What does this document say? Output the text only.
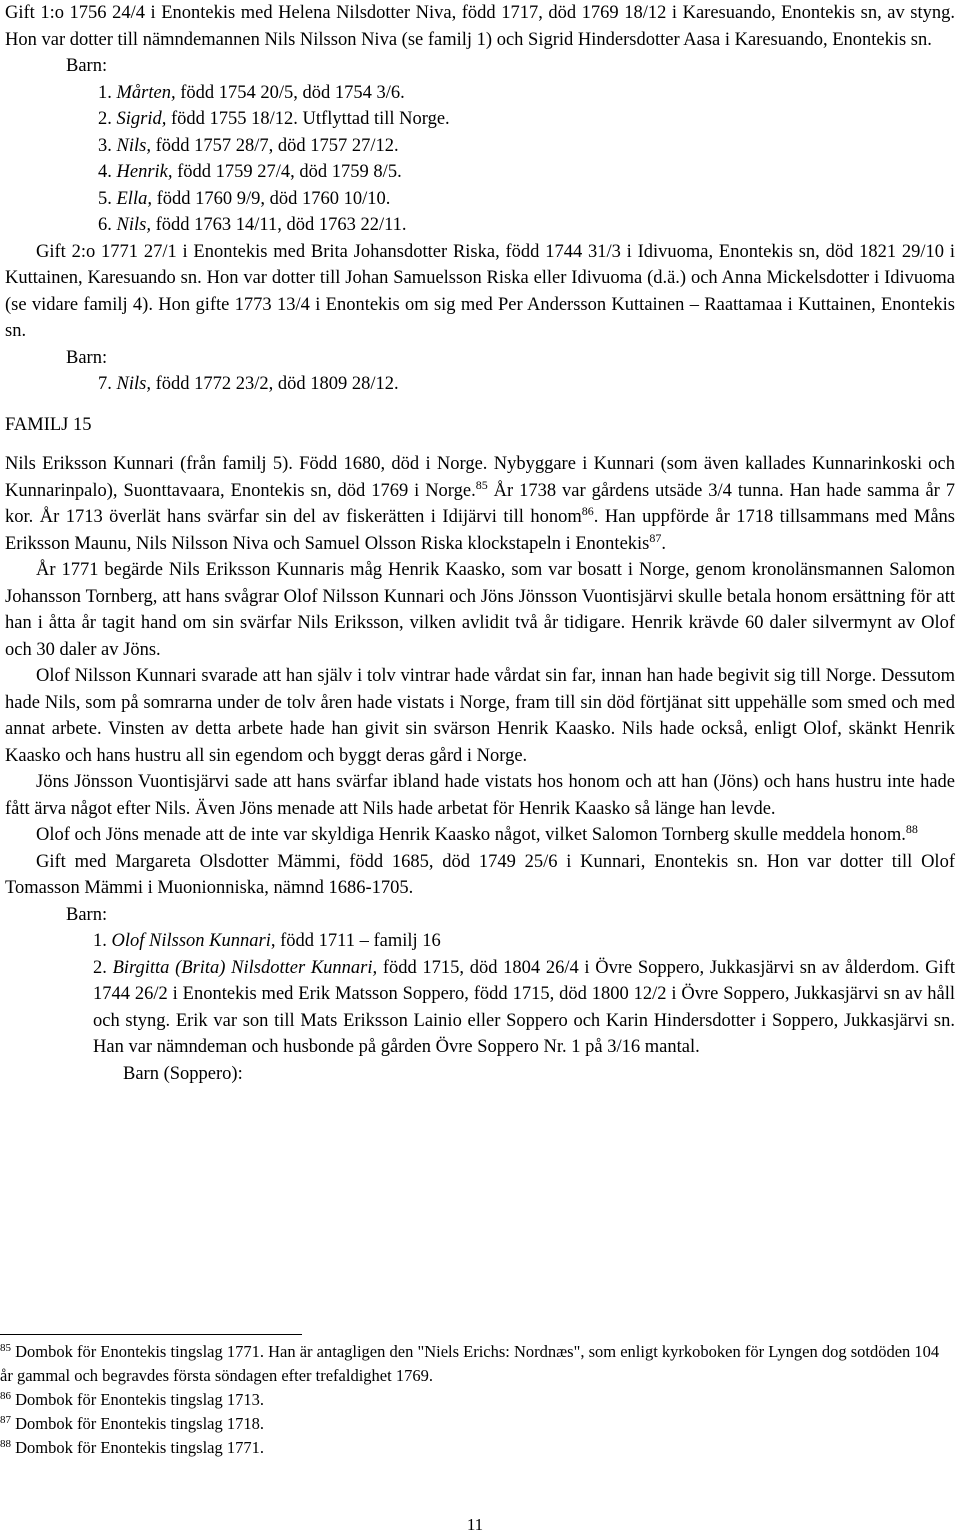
Gift 1:o 1756 24/4 i Enontekis med Helena Nilsdotter Niva, född 1717, död 1769 18/12 i Karesuando, Enontekis sn, av styng. Hon var dotter till nämndemannen Nils Nilsson Niva (se familj 1) och Sigrid Hindersdotter Aasa i Karesuando, Enontekis sn.

Barn:
1. Mårten, född 1754 20/5, död 1754 3/6.
2. Sigrid, född 1755 18/12. Utflyttad till Norge.
3. Nils, född 1757 28/7, död 1757 27/12.
4. Henrik, född 1759 27/4, död 1759 8/5.
5. Ella, född 1760 9/9, död 1760 10/10.
6. Nils, född 1763 14/11, död 1763 22/11.

Gift 2:o 1771 27/1 i Enontekis med Brita Johansdotter Riska, född 1744 31/3 i Idivuoma, Enontekis sn, död 1821 29/10 i Kuttainen, Karesuando sn. Hon var dotter till Johan Samuelsson Riska eller Idivuoma (d.ä.) och Anna Mickelsdotter i Idivuoma (se vidare familj 4). Hon gifte 1773 13/4 i Enontekis om sig med Per Andersson Kuttainen – Raattamaa i Kuttainen, Enontekis sn.

Barn:
7. Nils, född 1772 23/2, död 1809 28/12.
FAMILJ 15

Nils Eriksson Kunnari (från familj 5). Född 1680, död i Norge. Nybyggare i Kunnari (som även kallades Kunnarinkoski och Kunnarinpalo), Suonttavaara, Enontekis sn, död 1769 i Norge.$^{85}$ År 1738 var gårdens utsäde 3/4 tunna. Han hade samma år 7 kor. År 1713 överlät hans svärfar sin del av fiskerätten i Idijärvi till honom$^{86}$. Han uppförde år 1718 tillsammans med Måns Eriksson Maunu, Nils Nilsson Niva och Samuel Olsson Riska klockstapeln i Enontekis$^{87}$.

År 1771 begärde Nils Eriksson Kunnaris måg Henrik Kaasko, som var bosatt i Norge, genom kronolänsmannen Salomon Johansson Tornberg, att hans svågrar Olof Nilsson Kunnari och Jöns Jönsson Vuontisjärvi skulle betala honom ersättning för att han i åtta år tagit hand om sin svärfar Nils Eriksson, vilken avlidit två år tidigare. Henrik krävde 60 daler silvermynt av Olof och 30 daler av Jöns.

Olof Nilsson Kunnari svarade att han själv i tolv vintrar hade vårdat sin far, innan han hade begivit sig till Norge. Dessutom hade Nils, som på somrarna under de tolv åren hade vistats i Norge, fram till sin död förtjänat sitt uppehälle som smed och med annat arbete. Vinsten av detta arbete hade han givit sin svärson Henrik Kaasko. Nils hade också, enligt Olof, skänkt Henrik Kaasko och hans hustru all sin egendom och byggt deras gård i Norge.

Jöns Jönsson Vuontisjärvi sade att hans svärfar ibland hade vistats hos honom och att han (Jöns) och hans hustru inte hade fått ärva något efter Nils. Även Jöns menade att Nils hade arbetat för Henrik Kaasko så länge han levde.

Olof och Jöns menade att de inte var skyldiga Henrik Kaasko något, vilket Salomon Tornberg skulle meddela honom.$^{88}$

Gift med Margareta Olsdotter Mämmi, född 1685, död 1749 25/6 i Kunnari, Enontekis sn. Hon var dotter till Olof Tomasson Mämmi i Muonionniska, nämnd 1686-1705.

Barn:
1. Olof Nilsson Kunnari, född 1711 – familj 16

2. Birgitta (Brita) Nilsdotter Kunnari, född 1715, död 1804 26/4 i Övre Soppero, Jukkasjärvi sn av ålderdom. Gift 1744 26/2 i Enontekis med Erik Matsson Soppero, född 1715, död 1800 12/2 i Övre Soppero, Jukkasjärvi sn av håll och styng. Erik var son till Mats Eriksson Lainio eller Soppero och Karin Hindersdotter i Soppero, Jukkasjärvi sn. Han var nämndeman och husbonde på gården Övre Soppero Nr. 1 på 3/16 mantal.

Barn (Soppero):
$^{85}$ Dombok för Enontekis tingslag 1771. Han är antagligen den "Niels Erichs: Nordnæs", som enligt kyrkoboken för Lyngen dog sotdöden 104 år gammal och begravdes första söndagen efter trefaldighet 1769.
$^{86}$ Dombok för Enontekis tingslag 1713.
$^{87}$ Dombok för Enontekis tingslag 1718.
$^{88}$ Dombok för Enontekis tingslag 1771.
11
